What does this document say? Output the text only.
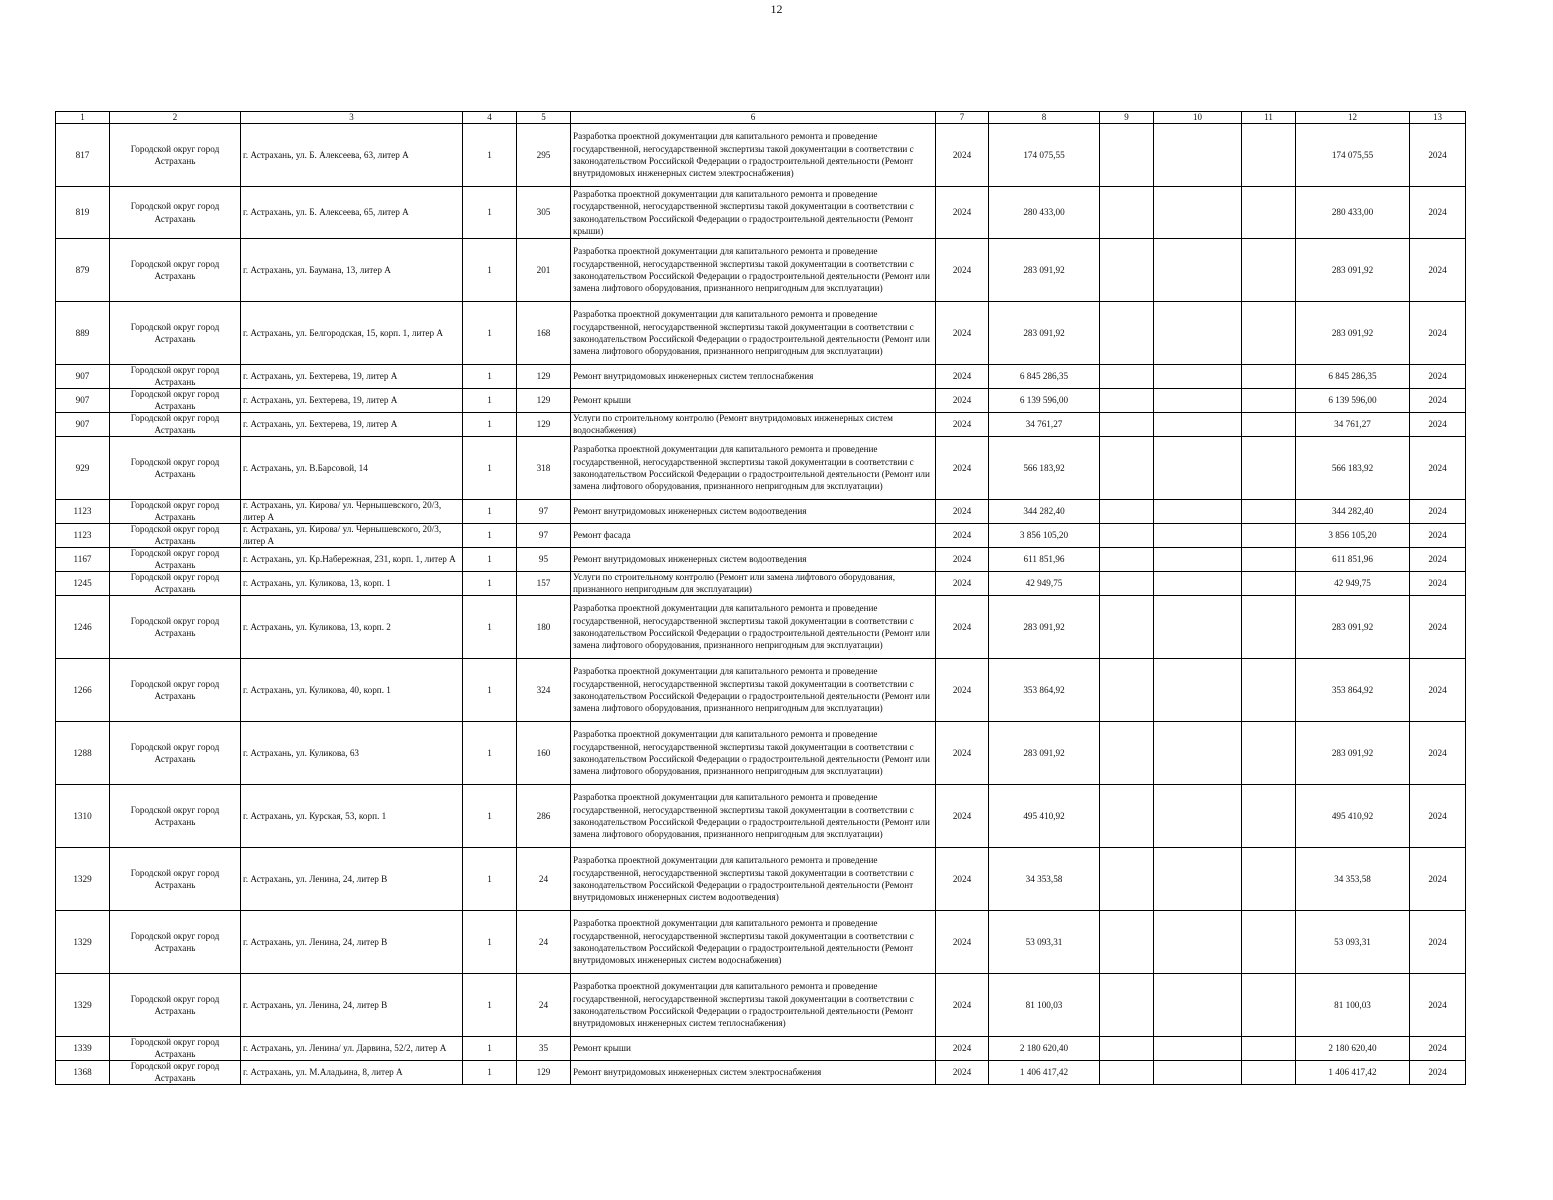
12
1	2	3	4	5	6	7	8	9	10	11	12	13
817	Городской округ город Астрахань	г. Астрахань, ул. Б. Алексеева, 63, литер А	1	295	Разработка проектной документации для капитального ремонта и проведение государственной, негосударственной экспертизы такой документации в соответствии с законодательством Российской Федерации о градостроительной деятельности (Ремонт внутридомовых инженерных систем электроснабжения)	2024	174 075,55				174 075,55	2024
819	Городской округ город Астрахань	г. Астрахань, ул. Б. Алексеева, 65, литер А	1	305	Разработка проектной документации для капитального ремонта и проведение государственной, негосударственной экспертизы такой документации в соответствии с законодательством Российской Федерации о градостроительной деятельности (Ремонт крыши)	2024	280 433,00				280 433,00	2024
879	Городской округ город Астрахань	г. Астрахань, ул. Баумана, 13, литер А	1	201	Разработка проектной документации для капитального ремонта и проведение государственной, негосударственной экспертизы такой документации в соответствии с законодательством Российской Федерации о градостроительной деятельности (Ремонт или замена лифтового оборудования, признанного непригодным для эксплуатации)	2024	283 091,92				283 091,92	2024
889	Городской округ город Астрахань	г. Астрахань, ул. Белгородская, 15, корп. 1, литер А	1	168	Разработка проектной документации для капитального ремонта и проведение государственной, негосударственной экспертизы такой документации в соответствии с законодательством Российской Федерации о градостроительной деятельности (Ремонт или замена лифтового оборудования, признанного непригодным для эксплуатации)	2024	283 091,92				283 091,92	2024
907	Городской округ город Астрахань	г. Астрахань, ул. Бехтерева, 19, литер А	1	129	Ремонт внутридомовых инженерных систем теплоснабжения	2024	6 845 286,35				6 845 286,35	2024
907	Городской округ город Астрахань	г. Астрахань, ул. Бехтерева, 19, литер А	1	129	Ремонт крыши	2024	6 139 596,00				6 139 596,00	2024
907	Городской округ город Астрахань	г. Астрахань, ул. Бехтерева, 19, литер А	1	129	Услуги по строительному контролю (Ремонт внутридомовых инженерных систем водоснабжения)	2024	34 761,27				34 761,27	2024
929	Городской округ город Астрахань	г. Астрахань, ул. В.Барсовой, 14	1	318	Разработка проектной документации для капитального ремонта и проведение государственной, негосударственной экспертизы такой документации в соответствии с законодательством Российской Федерации о градостроительной деятельности (Ремонт или замена лифтового оборудования, признанного непригодным для эксплуатации)	2024	566 183,92				566 183,92	2024
1123	Городской округ город Астрахань	г. Астрахань, ул. Кирова/ ул. Чернышевского, 20/3, литер А	1	97	Ремонт внутридомовых инженерных систем водоотведения	2024	344 282,40				344 282,40	2024
1123	Городской округ город Астрахань	г. Астрахань, ул. Кирова/ ул. Чернышевского, 20/3, литер А	1	97	Ремонт фасада	2024	3 856 105,20				3 856 105,20	2024
1167	Городской округ город Астрахань	г. Астрахань, ул. Кр.Набережная, 231, корп. 1, литер А	1	95	Ремонт внутридомовых инженерных систем водоотведения	2024	611 851,96				611 851,96	2024
1245	Городской округ город Астрахань	г. Астрахань, ул. Куликова, 13, корп. 1	1	157	Услуги по строительному контролю (Ремонт или замена лифтового оборудования, признанного непригодным для эксплуатации)	2024	42 949,75				42 949,75	2024
1246	Городской округ город Астрахань	г. Астрахань, ул. Куликова, 13, корп. 2	1	180	Разработка проектной документации для капитального ремонта и проведение государственной, негосударственной экспертизы такой документации в соответствии с законодательством Российской Федерации о градостроительной деятельности (Ремонт или замена лифтового оборудования, признанного непригодным для эксплуатации)	2024	283 091,92				283 091,92	2024
1266	Городской округ город Астрахань	г. Астрахань, ул. Куликова, 40, корп. 1	1	324	Разработка проектной документации для капитального ремонта и проведение государственной, негосударственной экспертизы такой документации в соответствии с законодательством Российской Федерации о градостроительной деятельности (Ремонт или замена лифтового оборудования, признанного непригодным для эксплуатации)	2024	353 864,92				353 864,92	2024
1288	Городской округ город Астрахань	г. Астрахань, ул. Куликова, 63	1	160	Разработка проектной документации для капитального ремонта и проведение государственной, негосударственной экспертизы такой документации в соответствии с законодательством Российской Федерации о градостроительной деятельности (Ремонт или замена лифтового оборудования, признанного непригодным для эксплуатации)	2024	283 091,92				283 091,92	2024
1310	Городской округ город Астрахань	г. Астрахань, ул. Курская, 53, корп. 1	1	286	Разработка проектной документации для капитального ремонта и проведение государственной, негосударственной экспертизы такой документации в соответствии с законодательством Российской Федерации о градостроительной деятельности (Ремонт или замена лифтового оборудования, признанного непригодным для эксплуатации)	2024	495 410,92				495 410,92	2024
1329	Городской округ город Астрахань	г. Астрахань, ул. Ленина, 24, литер В	1	24	Разработка проектной документации для капитального ремонта и проведение государственной, негосударственной экспертизы такой документации в соответствии с законодательством Российской Федерации о градостроительной деятельности (Ремонт внутридомовых инженерных систем водоотведения)	2024	34 353,58				34 353,58	2024
1329	Городской округ город Астрахань	г. Астрахань, ул. Ленина, 24, литер В	1	24	Разработка проектной документации для капитального ремонта и проведение государственной, негосударственной экспертизы такой документации в соответствии с законодательством Российской Федерации о градостроительной деятельности (Ремонт внутридомовых инженерных систем водоснабжения)	2024	53 093,31				53 093,31	2024
1329	Городской округ город Астрахань	г. Астрахань, ул. Ленина, 24, литер В	1	24	Разработка проектной документации для капитального ремонта и проведение государственной, негосударственной экспертизы такой документации в соответствии с законодательством Российской Федерации о градостроительной деятельности (Ремонт внутридомовых инженерных систем теплоснабжения)	2024	81 100,03				81 100,03	2024
1339	Городской округ город Астрахань	г. Астрахань, ул. Ленина/ ул. Дарвина, 52/2, литер А	1	35	Ремонт крыши	2024	2 180 620,40				2 180 620,40	2024
1368	Городской округ город Астрахань	г. Астрахань, ул. М.Аладьина, 8, литер А	1	129	Ремонт внутридомовых инженерных систем электроснабжения	2024	1 406 417,42				1 406 417,42	2024
